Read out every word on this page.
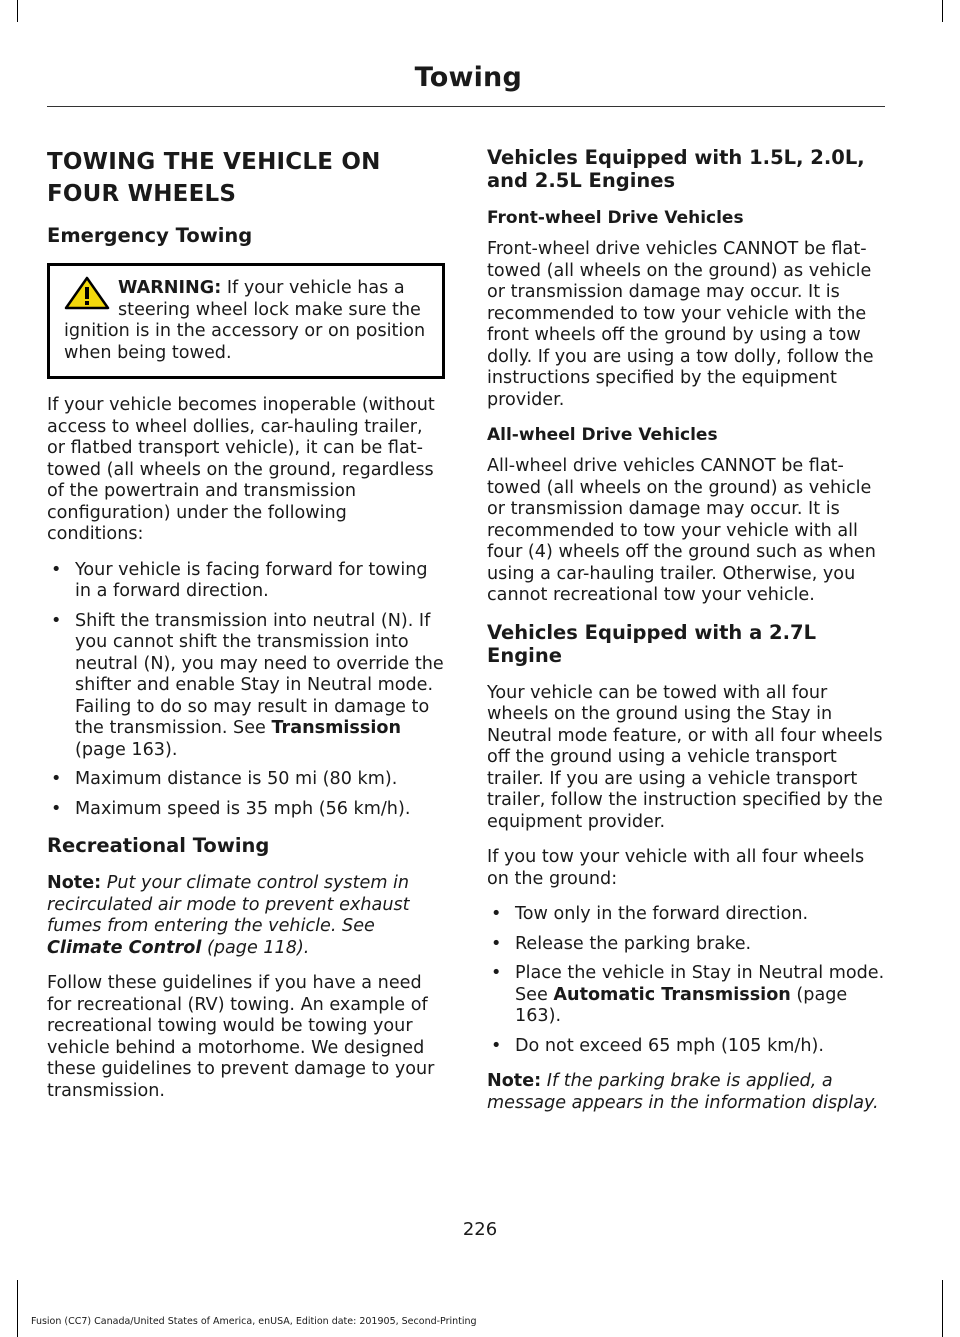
Towing
TOWING THE VEHICLE ON FOUR WHEELS
Emergency Towing
WARNING: If your vehicle has a steering wheel lock make sure the ignition is in the accessory or on position when being towed.

If your vehicle becomes inoperable (without access to wheel dollies, car-hauling trailer, or flatbed transport vehicle), it can be flat-towed (all wheels on the ground, regardless of the powertrain and transmission configuration) under the following conditions:

• Your vehicle is facing forward for towing in a forward direction.
• Shift the transmission into neutral (N). If you cannot shift the transmission into neutral (N), you may need to override the shifter and enable Stay in Neutral mode. Failing to do so may result in damage to the transmission. See Transmission (page 163).
• Maximum distance is 50 mi (80 km).
• Maximum speed is 35 mph (56 km/h).
Recreational Towing

Note: Put your climate control system in recirculated air mode to prevent exhaust fumes from entering the vehicle. See Climate Control (page 118).

Follow these guidelines if you have a need for recreational (RV) towing. An example of recreational towing would be towing your vehicle behind a motorhome. We designed these guidelines to prevent damage to your transmission.

Vehicles Equipped with 1.5L, 2.0L, and 2.5L Engines
Front-wheel Drive Vehicles

Front-wheel drive vehicles CANNOT be flat-towed (all wheels on the ground) as vehicle or transmission damage may occur. It is recommended to tow your vehicle with the front wheels off the ground by using a tow dolly. If you are using a tow dolly, follow the instructions specified by the equipment provider.

All-wheel Drive Vehicles

All-wheel drive vehicles CANNOT be flat-towed (all wheels on the ground) as vehicle or transmission damage may occur. It is recommended to tow your vehicle with all four (4) wheels off the ground such as when using a car-hauling trailer. Otherwise, you cannot recreational tow your vehicle.

Vehicles Equipped with a 2.7L Engine

Your vehicle can be towed with all four wheels on the ground using the Stay in Neutral mode feature, or with all four wheels off the ground using a vehicle transport trailer. If you are using a vehicle transport trailer, follow the instruction specified by the equipment provider.

If you tow your vehicle with all four wheels on the ground:

• Tow only in the forward direction.
• Release the parking brake.
• Place the vehicle in Stay in Neutral mode. See Automatic Transmission (page 163).
• Do not exceed 65 mph (105 km/h).

Note: If the parking brake is applied, a message appears in the information display.

226
Fusion (CC7) Canada/United States of America, enUSA, Edition date: 201905, Second-Printing
